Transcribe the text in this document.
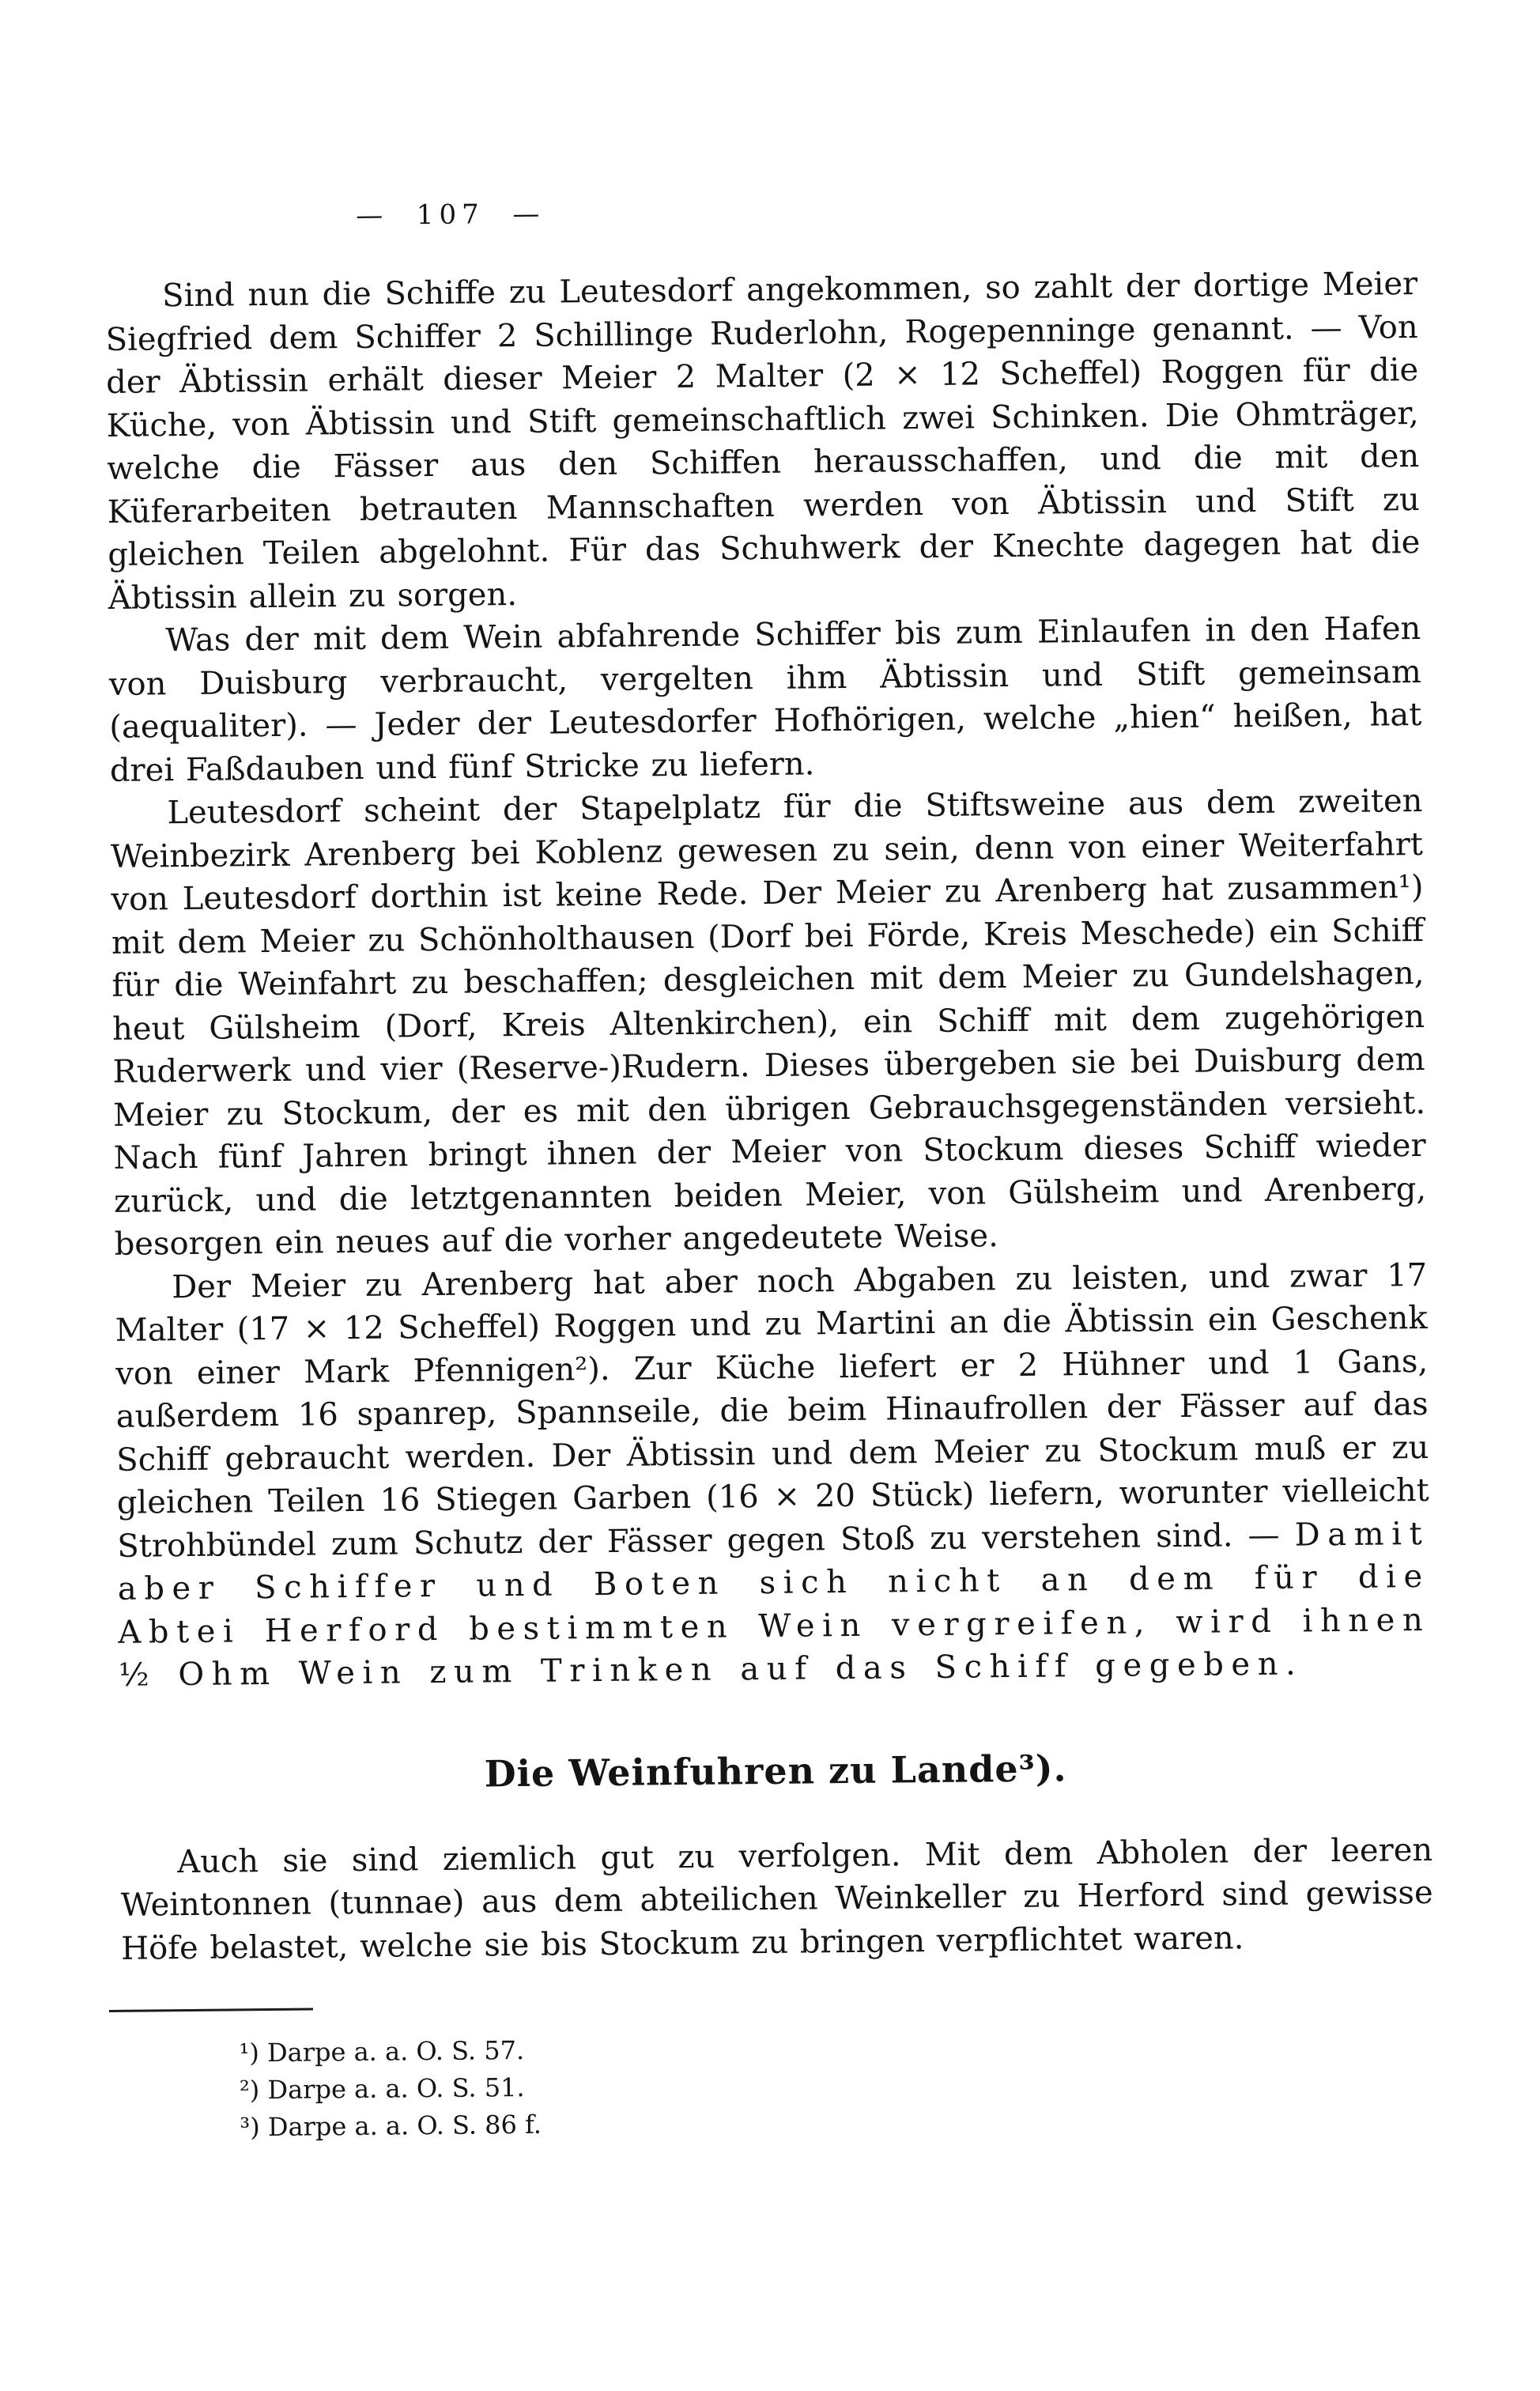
—  107  —

Sind nun die Schiffe zu Leutesdorf angekommen, so zahlt der dortige Meier Siegfried dem Schiffer 2 Schillinge Ruderlohn, Rogepenninge genannt. — Von der Äbtissin erhält dieser Meier 2 Malter (2 × 12 Scheffel) Roggen für die Küche, von Äbtissin und Stift gemeinschaftlich zwei Schinken. Die Ohmträger, welche die Fässer aus den Schiffen herausschaffen, und die mit den Küferarbeiten betrauten Mannschaften werden von Äbtissin und Stift zu gleichen Teilen abgelohnt. Für das Schuhwerk der Knechte dagegen hat die Äbtissin allein zu sorgen.

Was der mit dem Wein abfahrende Schiffer bis zum Einlaufen in den Hafen von Duisburg verbraucht, vergelten ihm Äbtissin und Stift gemeinsam (aequaliter). — Jeder der Leutesdorfer Hofhörigen, welche „hien“ heißen, hat drei Faßdauben und fünf Stricke zu liefern.

Leutesdorf scheint der Stapelplatz für die Stiftsweine aus dem zweiten Weinbezirk Arenberg bei Koblenz gewesen zu sein, denn von einer Weiterfahrt von Leutesdorf dorthin ist keine Rede. Der Meier zu Arenberg hat zusammen¹) mit dem Meier zu Schönholthausen (Dorf bei Förde, Kreis Meschede) ein Schiff für die Weinfahrt zu beschaffen; desgleichen mit dem Meier zu Gundelshagen, heut Gülsheim (Dorf, Kreis Altenkirchen), ein Schiff mit dem zugehörigen Ruderwerk und vier (Reserve-)Rudern. Dieses übergeben sie bei Duisburg dem Meier zu Stockum, der es mit den übrigen Gebrauchsgegenständen versieht. Nach fünf Jahren bringt ihnen der Meier von Stockum dieses Schiff wieder zurück, und die letztgenannten beiden Meier, von Gülsheim und Arenberg, besorgen ein neues auf die vorher angedeutete Weise.

Der Meier zu Arenberg hat aber noch Abgaben zu leisten, und zwar 17 Malter (17 × 12 Scheffel) Roggen und zu Martini an die Äbtissin ein Geschenk von einer Mark Pfennigen²). Zur Küche liefert er 2 Hühner und 1 Gans, außerdem 16 spanrep, Spannseile, die beim Hinaufrollen der Fässer auf das Schiff gebraucht werden. Der Äbtissin und dem Meier zu Stockum muß er zu gleichen Teilen 16 Stiegen Garben (16 × 20 Stück) liefern, worunter vielleicht Strohbündel zum Schutz der Fässer gegen Stoß zu verstehen sind. — Damit aber Schiffer und Boten sich nicht an dem für die Abtei Herford bestimmten Wein vergreifen, wird ihnen ½ Ohm Wein zum Trinken auf das Schiff gegeben.

Die Weinfuhren zu Lande³).

Auch sie sind ziemlich gut zu verfolgen. Mit dem Abholen der leeren Weintonnen (tunnae) aus dem abteilichen Weinkeller zu Herford sind gewisse Höfe belastet, welche sie bis Stockum zu bringen verpflichtet waren.

¹) Darpe a. a. O. S. 57.

²) Darpe a. a. O. S. 51.

³) Darpe a. a. O. S. 86 f.
